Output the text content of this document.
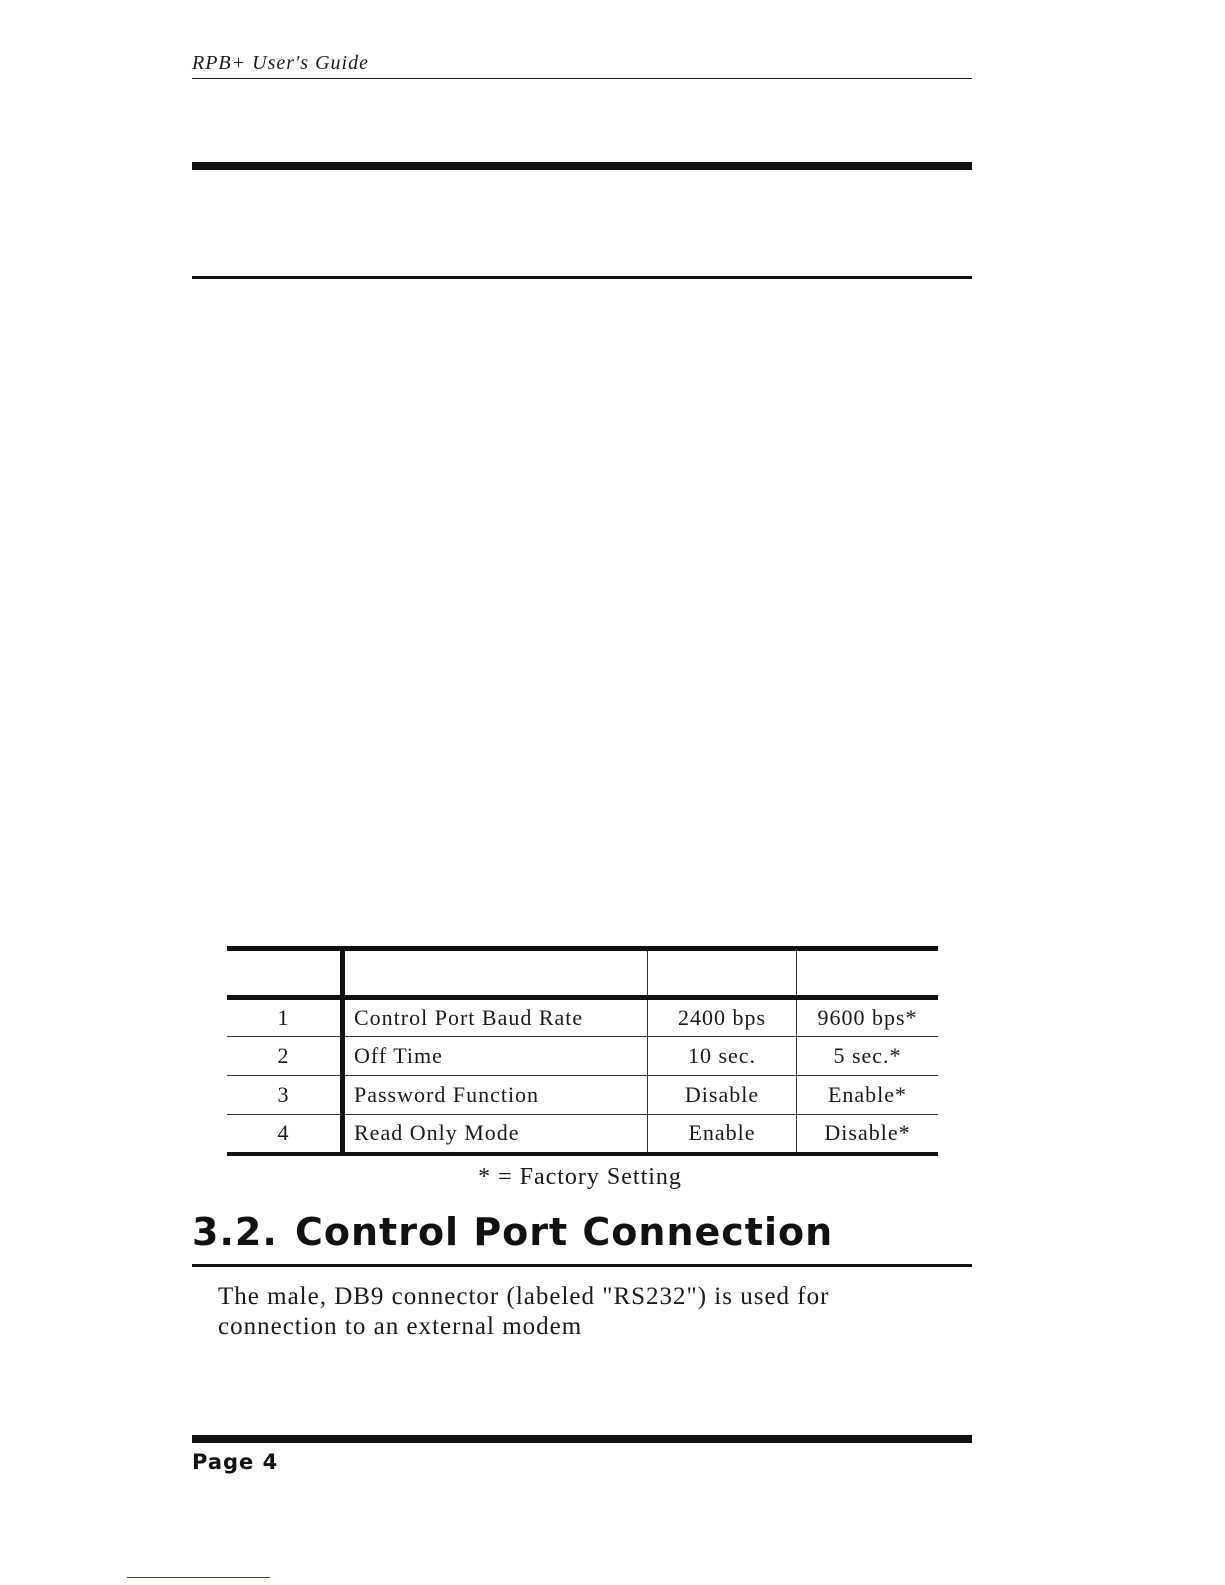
RPB+ User's Guide

1	Control Port Baud Rate	2400 bps	9600 bps*
2	Off Time	10 sec.	5 sec.*
3	Password Function	Disable	Enable*
4	Read Only Mode	Enable	Disable*
* = Factory Setting
3.2. Control Port Connection
The male, DB9 connector (labeled "RS232") is used for
connection to an external modem
Page 4
